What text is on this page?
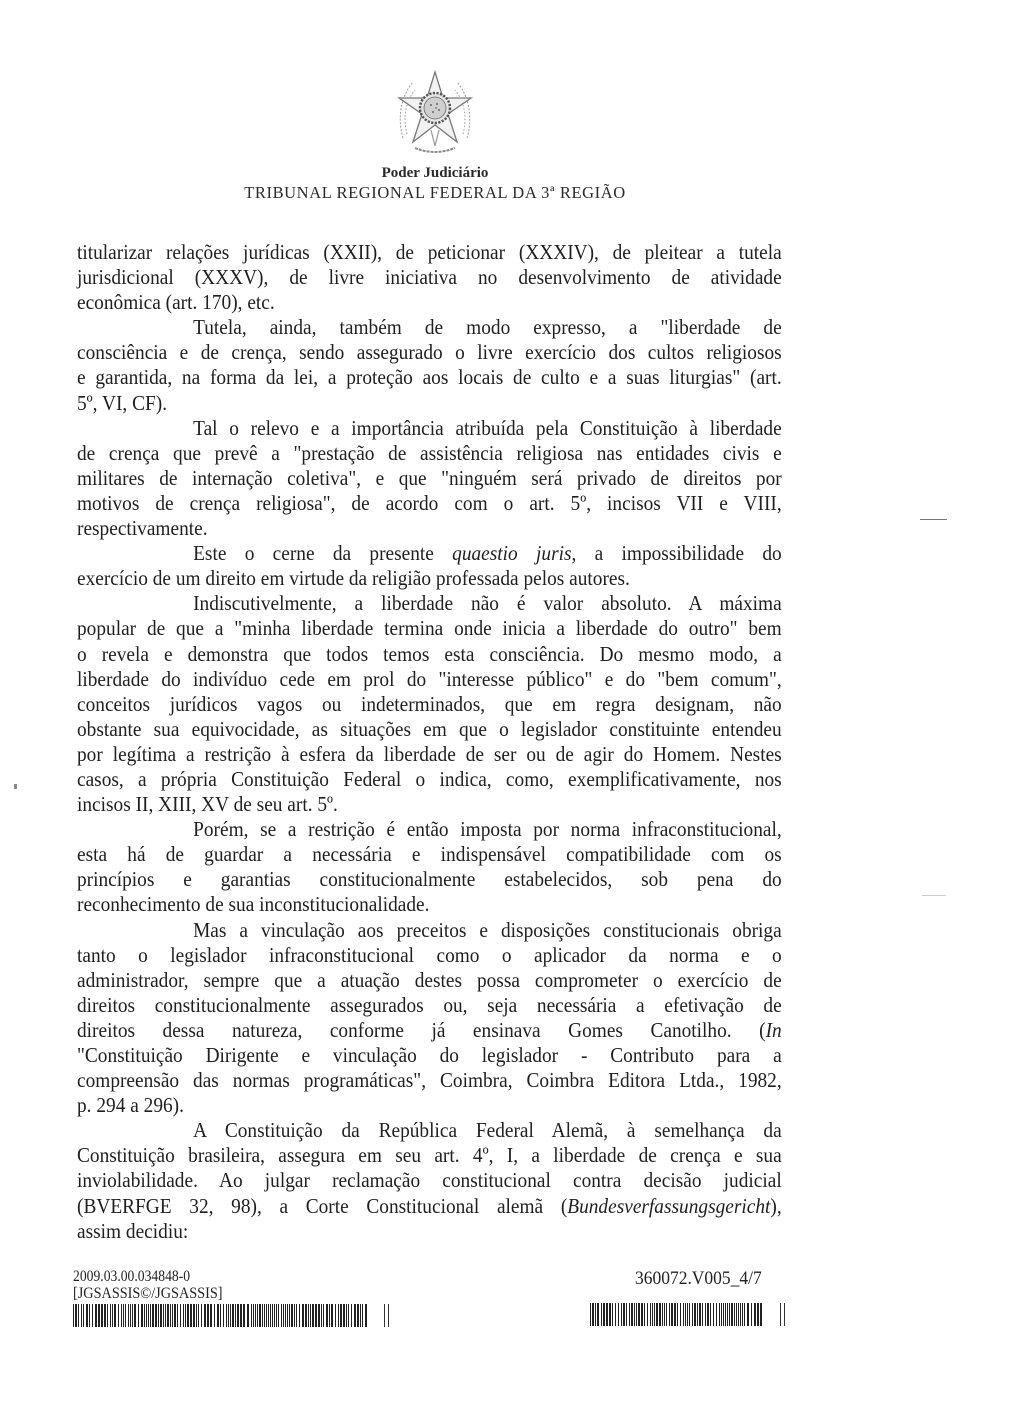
Poder Judiciário
TRIBUNAL REGIONAL FEDERAL DA 3ª REGIÃO
titularizar relações jurídicas (XXII), de peticionar (XXXIV), de pleitear a tutela
jurisdicional (XXXV), de livre iniciativa no desenvolvimento de atividade
econômica (art. 170), etc.
Tutela, ainda, também de modo expresso, a "liberdade de
consciência e de crença, sendo assegurado o livre exercício dos cultos religiosos
e garantida, na forma da lei, a proteção aos locais de culto e a suas liturgias" (art.
5º, VI, CF).
Tal o relevo e a importância atribuída pela Constituição à liberdade
de crença que prevê a "prestação de assistência religiosa nas entidades civis e
militares de internação coletiva", e que "ninguém será privado de direitos por
motivos de crença religiosa", de acordo com o art. 5º, incisos VII e VIII,
respectivamente.
Este o cerne da presente quaestio juris, a impossibilidade do
exercício de um direito em virtude da religião professada pelos autores.
Indiscutivelmente, a liberdade não é valor absoluto. A máxima
popular de que a "minha liberdade termina onde inicia a liberdade do outro" bem
o revela e demonstra que todos temos esta consciência. Do mesmo modo, a
liberdade do indivíduo cede em prol do "interesse público" e do "bem comum",
conceitos jurídicos vagos ou indeterminados, que em regra designam, não
obstante sua equivocidade, as situações em que o legislador constituinte entendeu
por legítima a restrição à esfera da liberdade de ser ou de agir do Homem. Nestes
casos, a própria Constituição Federal o indica, como, exemplificativamente, nos
incisos II, XIII, XV de seu art. 5º.
Porém, se a restrição é então imposta por norma infraconstitucional,
esta há de guardar a necessária e indispensável compatibilidade com os
princípios e garantias constitucionalmente estabelecidos, sob pena do
reconhecimento de sua inconstitucionalidade.
Mas a vinculação aos preceitos e disposições constitucionais obriga
tanto o legislador infraconstitucional como o aplicador da norma e o
administrador, sempre que a atuação destes possa comprometer o exercício de
direitos constitucionalmente assegurados ou, seja necessária a efetivação de
direitos dessa natureza, conforme já ensinava Gomes Canotilho. (In
"Constituição Dirigente e vinculação do legislador - Contributo para a
compreensão das normas programáticas", Coimbra, Coimbra Editora Ltda., 1982,
p. 294 a 296).
A Constituição da República Federal Alemã, à semelhança da
Constituição brasileira, assegura em seu art. 4º, I, a liberdade de crença e sua
inviolabilidade. Ao julgar reclamação constitucional contra decisão judicial
(BVERFGE 32, 98), a Corte Constitucional alemã (Bundesverfassungsgericht),
assim decidiu:
2009.03.00.034848-0
[JGSASSIS©/JGSASSIS]
360072.V005_4/7
